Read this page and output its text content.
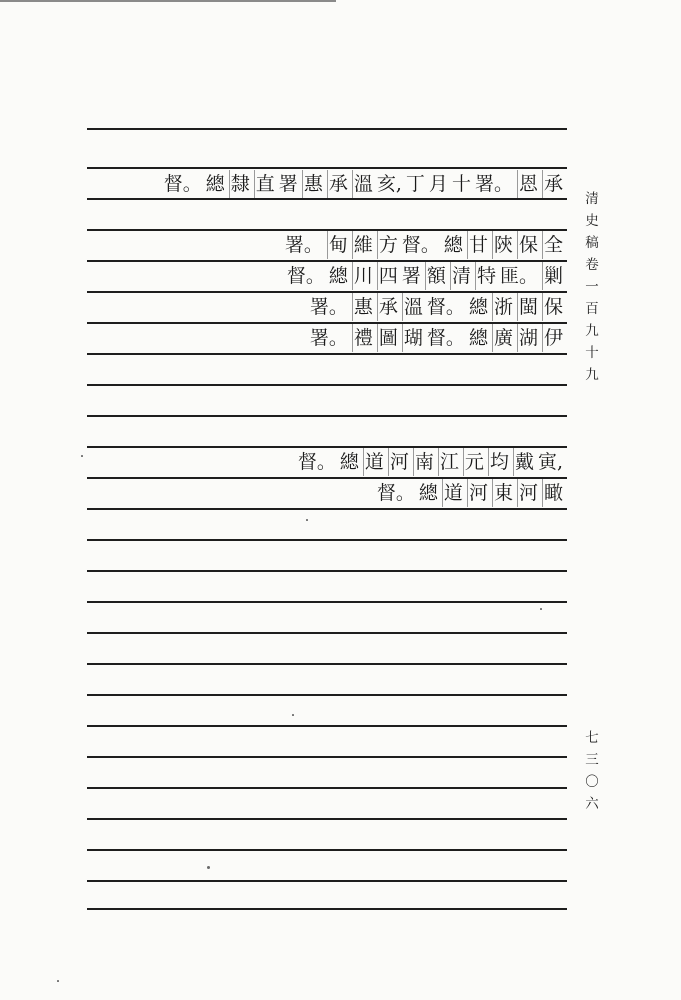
督。 總 隸 直 署 惠 承 溫 亥, 丁 月 十 署。 恩 承
署。 甸 維 方 督。 總 甘 陝 保 全
督。 總 川 四 署 額 清 特 匪。 剿
署。 惠 承 溫 督。 總 浙 閩 保
署。 禮 圖 瑚 督。 總 廣 湖 伊
督。 總 道 河 南 江 元 均 戴 寅,
督。 總 道 河 東 河 瞰
清
史
稿
卷
一
百
九
十
九
七
三
〇
六
